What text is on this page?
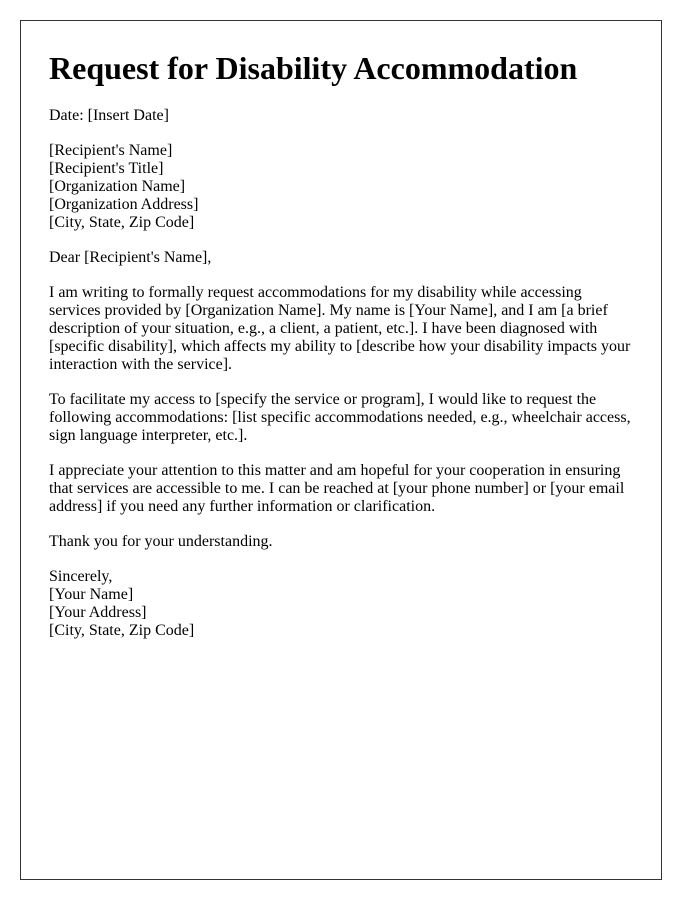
Request for Disability Accommodation

Date: [Insert Date]

[Recipient's Name]
[Recipient's Title]
[Organization Name]
[Organization Address]
[City, State, Zip Code]

Dear [Recipient's Name],

I am writing to formally request accommodations for my disability while accessing
services provided by [Organization Name]. My name is [Your Name], and I am [a brief
description of your situation, e.g., a client, a patient, etc.]. I have been diagnosed with
[specific disability], which affects my ability to [describe how your disability impacts your
interaction with the service].

To facilitate my access to [specify the service or program], I would like to request the
following accommodations: [list specific accommodations needed, e.g., wheelchair access,
sign language interpreter, etc.].

I appreciate your attention to this matter and am hopeful for your cooperation in ensuring
that services are accessible to me. I can be reached at [your phone number] or [your email
address] if you need any further information or clarification.

Thank you for your understanding.

Sincerely,
[Your Name]
[Your Address]
[City, State, Zip Code]
